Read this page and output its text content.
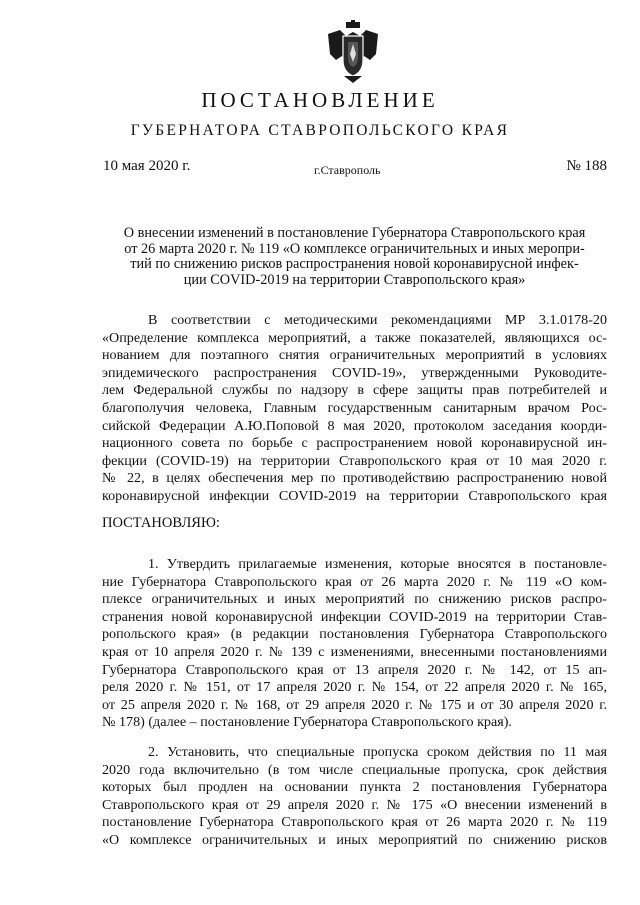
ПОСТАНОВЛЕНИЕ
ГУБЕРНАТОРА СТАВРОПОЛЬСКОГО КРАЯ
10 мая 2020 г.	г.Ставрополь	№ 188
О внесении изменений в постановление Губернатора Ставропольского края
от 26 марта 2020 г. № 119 «О комплексе ограничительных и иных меропри-
тий по снижению рисков распространения новой коронавирусной инфек-
ции COVID-2019 на территории Ставропольского края»
В соответствии с методическими рекомендациями МР 3.1.0178-20
«Определение комплекса мероприятий, а также показателей, являющихся ос-
нованием для поэтапного снятия ограничительных мероприятий в условиях
эпидемического распространения COVID-19», утвержденными Руководите-
лем Федеральной службы по надзору в сфере защиты прав потребителей и
благополучия человека, Главным государственным санитарным врачом Рос-
сийской Федерации А.Ю.Поповой 8 мая 2020, протоколом заседания коорди-
национного совета по борьбе с распространением новой коронавирусной ин-
фекции (COVID-19) на территории Ставропольского края от 10 мая 2020 г.
№ 22, в целях обеспечения мер по противодействию распространению новой
коронавирусной инфекции COVID-2019 на территории Ставропольского края
ПОСТАНОВЛЯЮ:
1. Утвердить прилагаемые изменения, которые вносятся в постановле-
ние Губернатора Ставропольского края от 26 марта 2020 г. № 119 «О ком-
плексе ограничительных и иных мероприятий по снижению рисков распро-
странения новой коронавирусной инфекции COVID-2019 на территории Став-
ропольского края» (в редакции постановления Губернатора Ставропольского
края от 10 апреля 2020 г. № 139 с изменениями, внесенными постановлениями
Губернатора Ставропольского края от 13 апреля 2020 г. № 142, от 15 ап-
реля 2020 г. № 151, от 17 апреля 2020 г. № 154, от 22 апреля 2020 г. № 165,
от 25 апреля 2020 г. № 168, от 29 апреля 2020 г. № 175 и от 30 апреля 2020 г.
№ 178) (далее – постановление Губернатора Ставропольского края).
2. Установить, что специальные пропуска сроком действия по 11 мая
2020 года включительно (в том числе специальные пропуска, срок действия
которых был продлен на основании пункта 2 постановления Губернатора
Ставропольского края от 29 апреля 2020 г. № 175 «О внесении изменений в
постановление Губернатора Ставропольского края от 26 марта 2020 г. № 119
«О комплексе ограничительных и иных мероприятий по снижению рисков
